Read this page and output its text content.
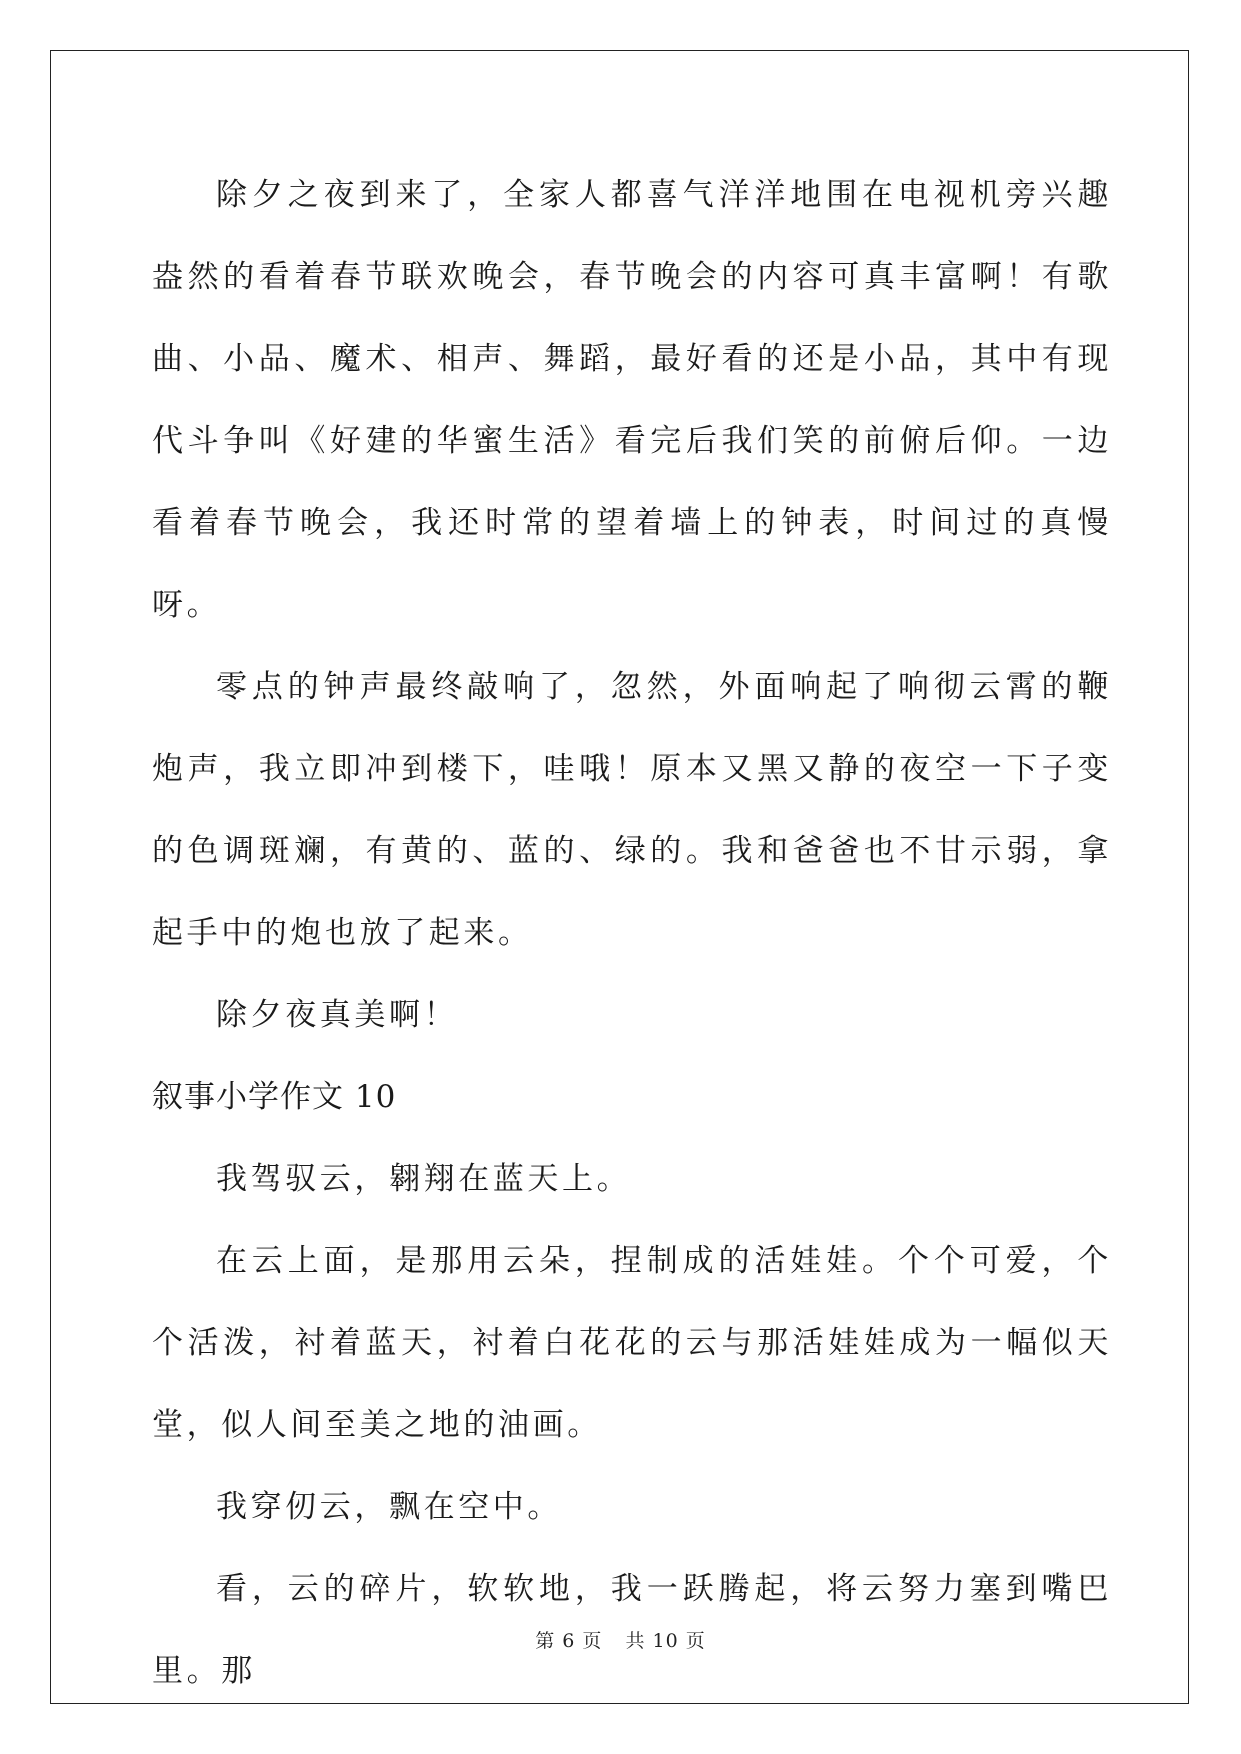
除夕之夜到来了，全家人都喜气洋洋地围在电视机旁兴趣盎然的看着春节联欢晚会，春节晚会的内容可真丰富啊！有歌曲、小品、魔术、相声、舞蹈，最好看的还是小品，其中有现代斗争叫《好建的华蜜生活》看完后我们笑的前俯后仰。一边看着春节晚会，我还时常的望着墙上的钟表，时间过的真慢呀。

零点的钟声最终敲响了，忽然，外面响起了响彻云霄的鞭炮声，我立即冲到楼下，哇哦！原本又黑又静的夜空一下子变的色调斑斓，有黄的、蓝的、绿的。我和爸爸也不甘示弱，拿起手中的炮也放了起来。

除夕夜真美啊！

叙事小学作文 10

我驾驭云，翱翔在蓝天上。

在云上面，是那用云朵，捏制成的活娃娃。个个可爱，个个活泼，衬着蓝天，衬着白花花的云与那活娃娃成为一幅似天堂，似人间至美之地的油画。

我穿仞云，飘在空中。

看，云的碎片，软软地，我一跃腾起，将云努力塞到嘴巴里。那

第 6 页 共 10 页
